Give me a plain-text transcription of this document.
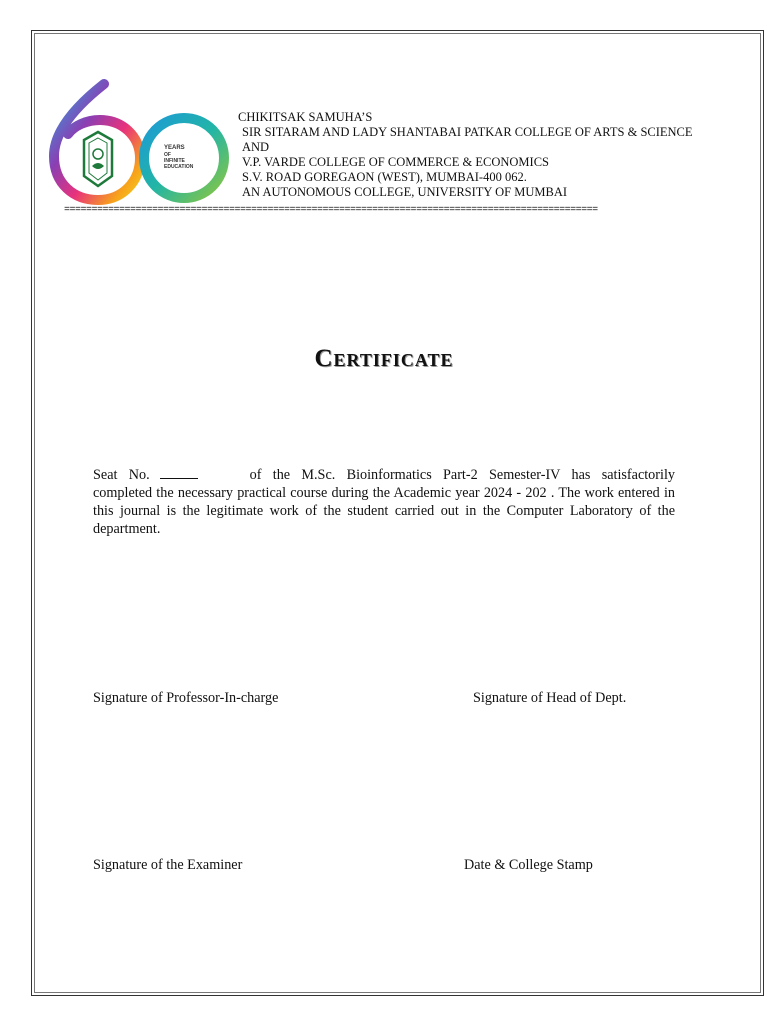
YEARS
OF
INFINITE
EDUCATION
CHIKITSAK SAMUHA’S
SIR SITARAM AND LADY SHANTABAI PATKAR COLLEGE OF ARTS & SCIENCE
AND
V.P. VARDE COLLEGE OF COMMERCE & ECONOMICS
S.V. ROAD GOREGAON (WEST), MUMBAI-400 062.
AN AUTONOMOUS COLLEGE, UNIVERSITY OF MUMBAI
=================================================================================================
Certificate
Seat No.	of the M.Sc. Bioinformatics Part-2 Semester-IV has satisfactorily completed the necessary practical course during the Academic year 2024 - 202 . The work entered in this journal is the legitimate work of the student carried out in the Computer Laboratory of the department.
Signature of Professor-In-charge	Signature of Head of Dept.
Signature of the Examiner	Date & College Stamp
